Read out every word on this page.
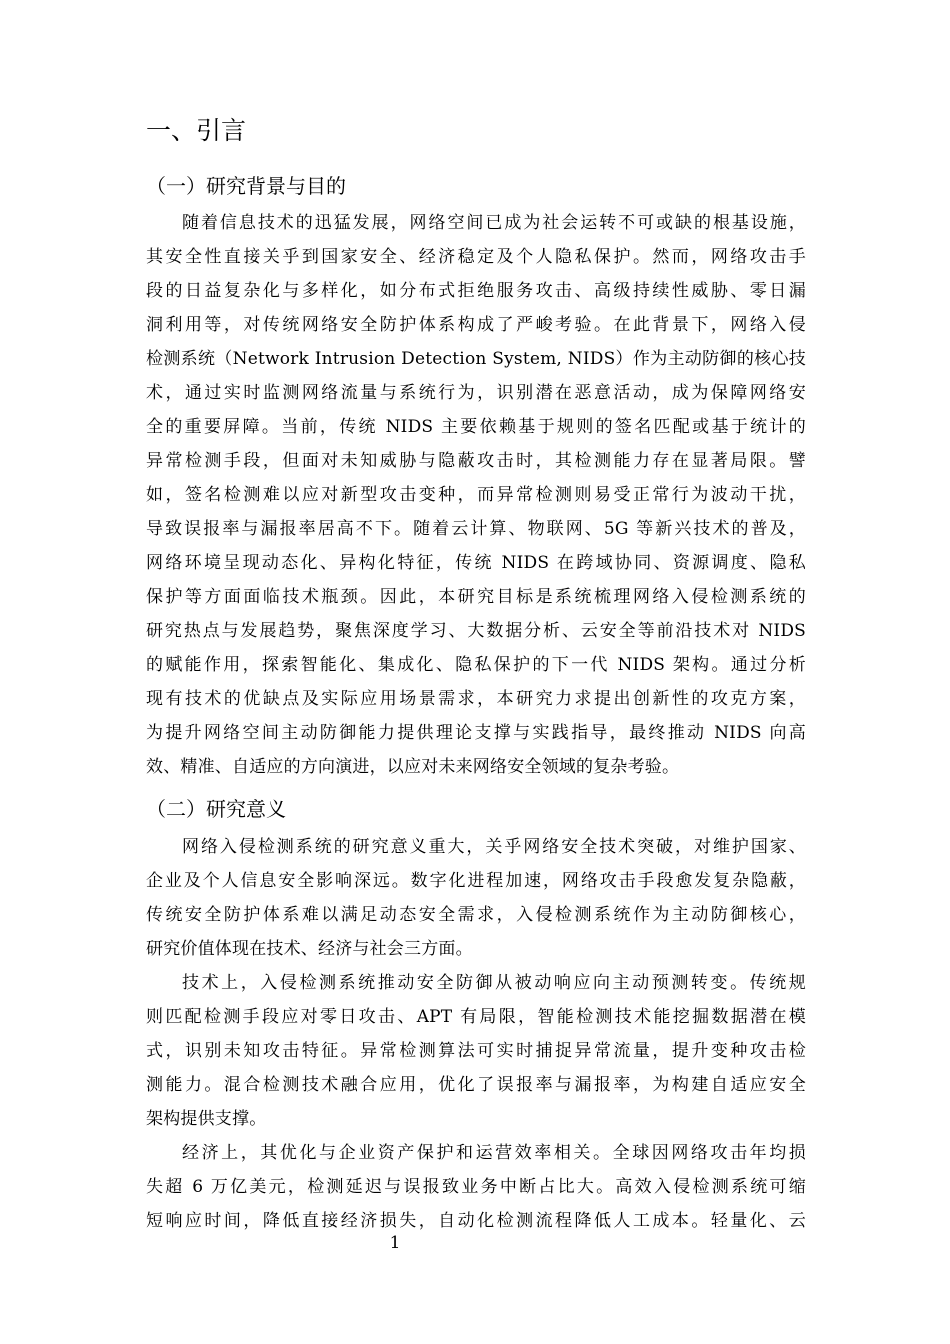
一、引言
（一）研究背景与目的
随着信息技术的迅猛发展，网络空间已成为社会运转不可或缺的根基设施，
其安全性直接关乎到国家安全、经济稳定及个人隐私保护。然而，网络攻击手
段的日益复杂化与多样化，如分布式拒绝服务攻击、高级持续性威胁、零日漏
洞利用等，对传统网络安全防护体系构成了严峻考验。在此背景下，网络入侵
检测系统（Network Intrusion Detection System, NIDS）作为主动防御的核心技
术，通过实时监测网络流量与系统行为，识别潜在恶意活动，成为保障网络安
全的重要屏障。当前，传统 NIDS 主要依赖基于规则的签名匹配或基于统计的
异常检测手段，但面对未知威胁与隐蔽攻击时，其检测能力存在显著局限。譬
如，签名检测难以应对新型攻击变种，而异常检测则易受正常行为波动干扰，
导致误报率与漏报率居高不下。随着云计算、物联网、5G 等新兴技术的普及，
网络环境呈现动态化、异构化特征，传统 NIDS 在跨域协同、资源调度、隐私
保护等方面面临技术瓶颈。因此，本研究目标是系统梳理网络入侵检测系统的
研究热点与发展趋势，聚焦深度学习、大数据分析、云安全等前沿技术对 NIDS
的赋能作用，探索智能化、集成化、隐私保护的下一代 NIDS 架构。通过分析
现有技术的优缺点及实际应用场景需求，本研究力求提出创新性的攻克方案，
为提升网络空间主动防御能力提供理论支撑与实践指导，最终推动 NIDS 向高
效、精准、自适应的方向演进，以应对未来网络安全领域的复杂考验。
（二）研究意义
网络入侵检测系统的研究意义重大，关乎网络安全技术突破，对维护国家、
企业及个人信息安全影响深远。数字化进程加速，网络攻击手段愈发复杂隐蔽，
传统安全防护体系难以满足动态安全需求，入侵检测系统作为主动防御核心，
研究价值体现在技术、经济与社会三方面。
技术上，入侵检测系统推动安全防御从被动响应向主动预测转变。传统规
则匹配检测手段应对零日攻击、APT 有局限，智能检测技术能挖掘数据潜在模
式，识别未知攻击特征。异常检测算法可实时捕捉异常流量，提升变种攻击检
测能力。混合检测技术融合应用，优化了误报率与漏报率，为构建自适应安全
架构提供支撑。
经济上，其优化与企业资产保护和运营效率相关。全球因网络攻击年均损
失超 6 万亿美元，检测延迟与误报致业务中断占比大。高效入侵检测系统可缩
短响应时间，降低直接经济损失，自动化检测流程降低人工成本。轻量化、云
1
